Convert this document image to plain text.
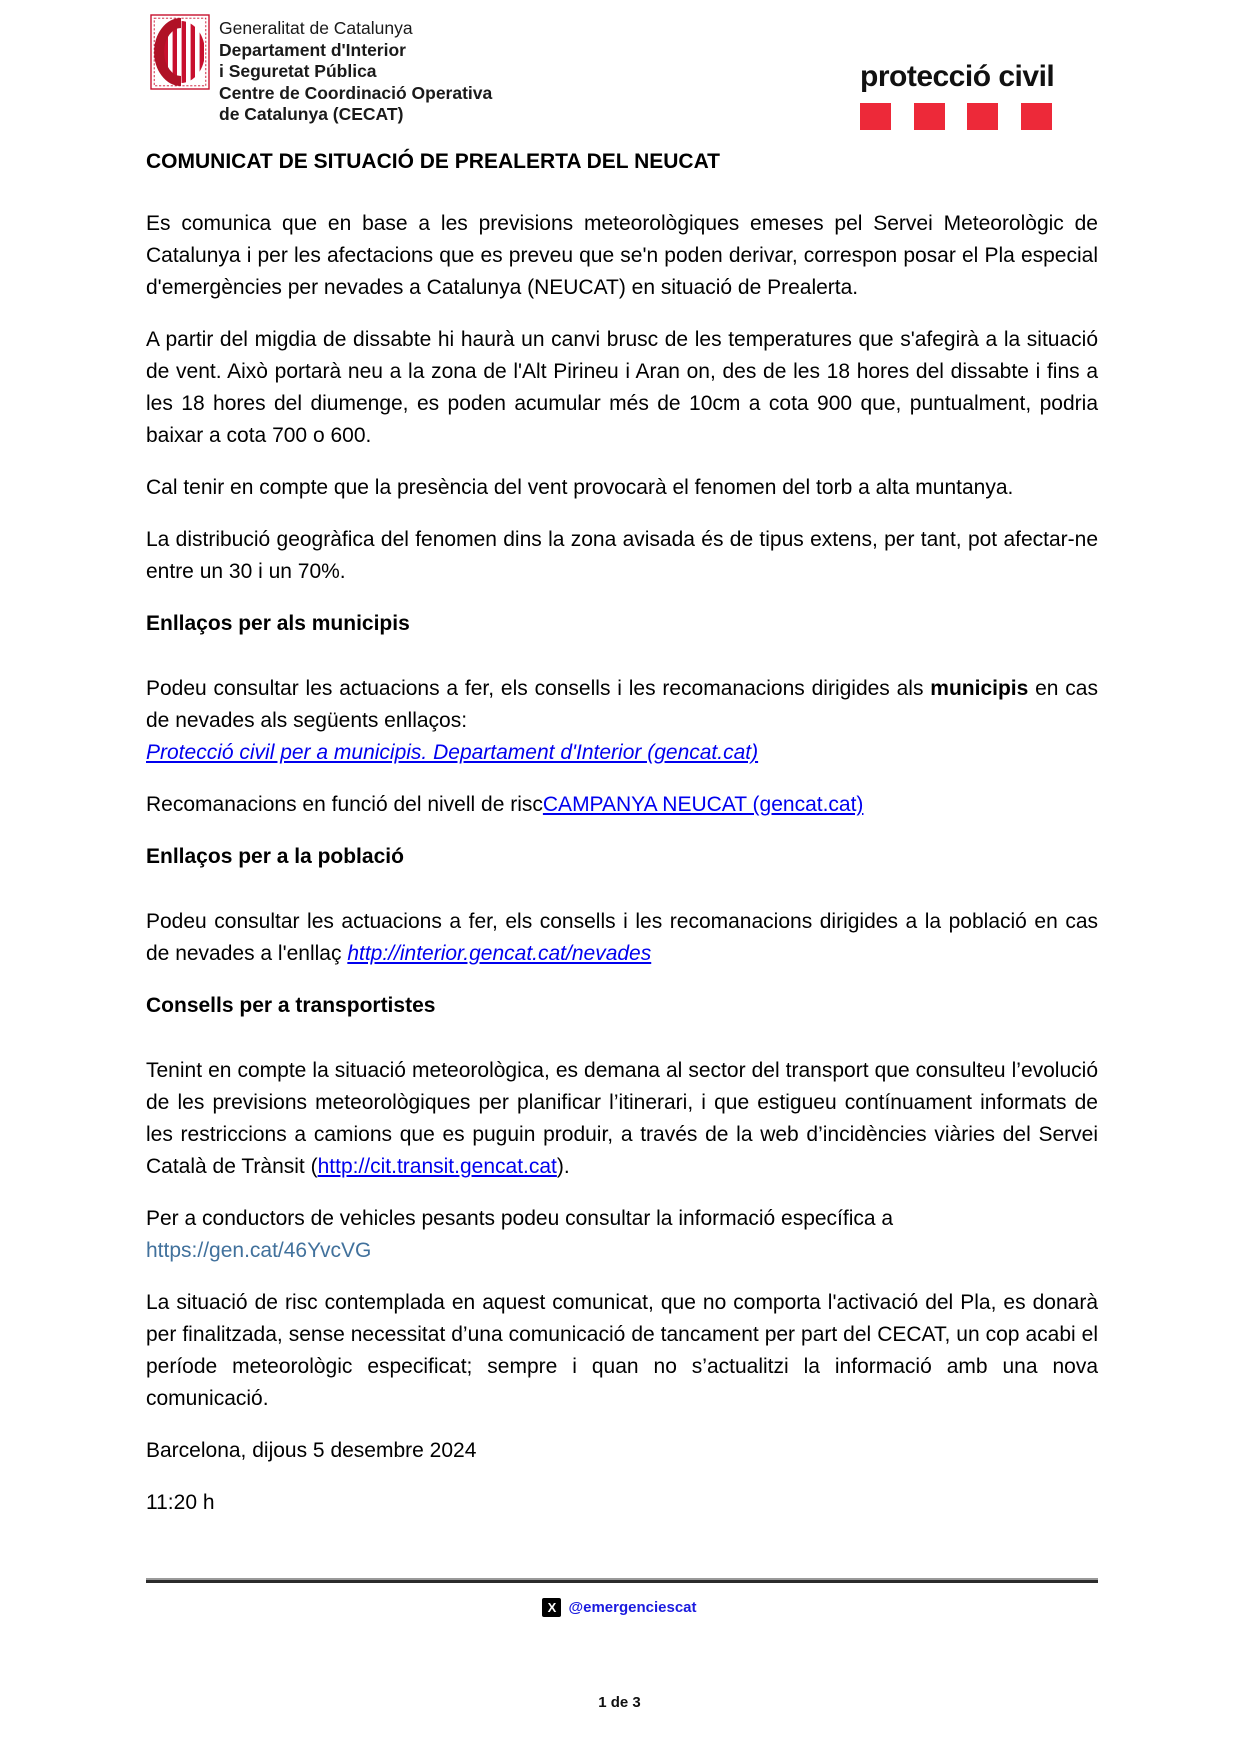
Generalitat de Catalunya
Departament d'Interior
i Seguretat Pública
Centre de Coordinació Operativa
de Catalunya (CECAT)
protecció civil
COMUNICAT DE SITUACIÓ DE PREALERTA DEL NEUCAT

Es comunica que en base a les previsions meteorològiques emeses pel Servei Meteorològic de Catalunya i per les afectacions que es preveu que se'n poden derivar, correspon posar el Pla especial d'emergències per nevades a Catalunya (NEUCAT) en situació de Prealerta.

A partir del migdia de dissabte hi haurà un canvi brusc de les temperatures que s'afegirà a la situació de vent. Això portarà neu a la zona de l'Alt Pirineu i Aran on, des de les 18 hores del dissabte i fins a les 18 hores del diumenge, es poden acumular més de 10cm a cota 900 que, puntualment, podria baixar a cota 700 o 600.

Cal tenir en compte que la presència del vent provocarà el fenomen del torb a alta muntanya.

La distribució geogràfica del fenomen dins la zona avisada és de tipus extens, per tant, pot afectar-ne entre un 30 i un 70%.

Enllaços per als municipis

Podeu consultar les actuacions a fer, els consells i les recomanacions dirigides als municipis en cas de nevades als següents enllaços:
Protecció civil per a municipis. Departament d'Interior (gencat.cat)

Recomanacions en funció del nivell de riscCAMPANYA NEUCAT (gencat.cat)

Enllaços per a la població

Podeu consultar les actuacions a fer, els consells i les recomanacions dirigides a la població en cas de nevades a l'enllaç http://interior.gencat.cat/nevades

Consells per a transportistes

Tenint en compte la situació meteorològica, es demana al sector del transport que consulteu l’evolució de les previsions meteorològiques per planificar l’itinerari, i que estigueu contínuament informats de les restriccions a camions que es puguin produir, a través de la web d’incidències viàries del Servei Català de Trànsit (http://cit.transit.gencat.cat).

Per a conductors de vehicles pesants podeu consultar la informació específica a
https://gen.cat/46YvcVG

La situació de risc contemplada en aquest comunicat, que no comporta l'activació del Pla, es donarà per finalitzada, sense necessitat d’una comunicació de tancament per part del CECAT, un cop acabi el període meteorològic especificat; sempre i quan no s’actualitzi la informació amb una nova comunicació.

Barcelona, dijous 5 desembre 2024

11:20 h

X @emergenciescat
1 de 3
